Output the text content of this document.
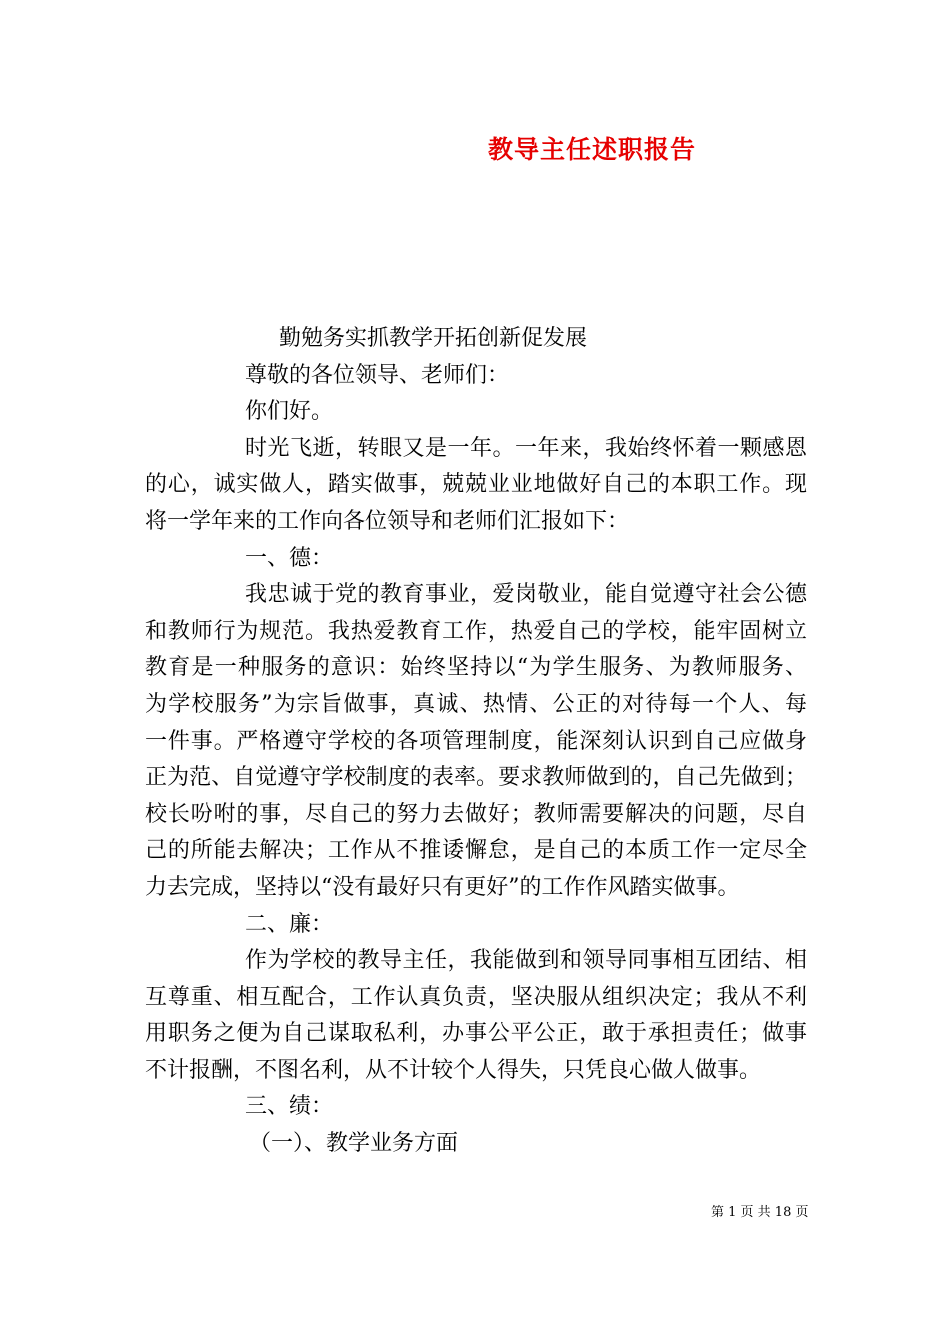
教导主任述职报告
勤勉务实抓教学开拓创新促发展
尊敬的各位领导、老师们：
你们好。
时光飞逝，转眼又是一年。一年来，我始终怀着一颗感恩
的心，诚实做人，踏实做事，兢兢业业地做好自己的本职工作。现
将一学年来的工作向各位领导和老师们汇报如下：
一、德：
我忠诚于党的教育事业，爱岗敬业，能自觉遵守社会公德
和教师行为规范。我热爱教育工作，热爱自己的学校，能牢固树立
教育是一种服务的意识：始终坚持以“为学生服务、为教师服务、
为学校服务”为宗旨做事，真诚、热情、公正的对待每一个人、每
一件事。严格遵守学校的各项管理制度，能深刻认识到自己应做身
正为范、自觉遵守学校制度的表率。要求教师做到的，自己先做到；
校长吩咐的事，尽自己的努力去做好；教师需要解决的问题，尽自
己的所能去解决；工作从不推诿懈怠，是自己的本质工作一定尽全
力去完成，坚持以“没有最好只有更好”的工作作风踏实做事。
二、廉：
作为学校的教导主任，我能做到和领导同事相互团结、相
互尊重、相互配合，工作认真负责，坚决服从组织决定；我从不利
用职务之便为自己谋取私利，办事公平公正，敢于承担责任；做事
不计报酬，不图名利，从不计较个人得失，只凭良心做人做事。
三、绩：
（一）、教学业务方面
第 1 页 共 18 页
